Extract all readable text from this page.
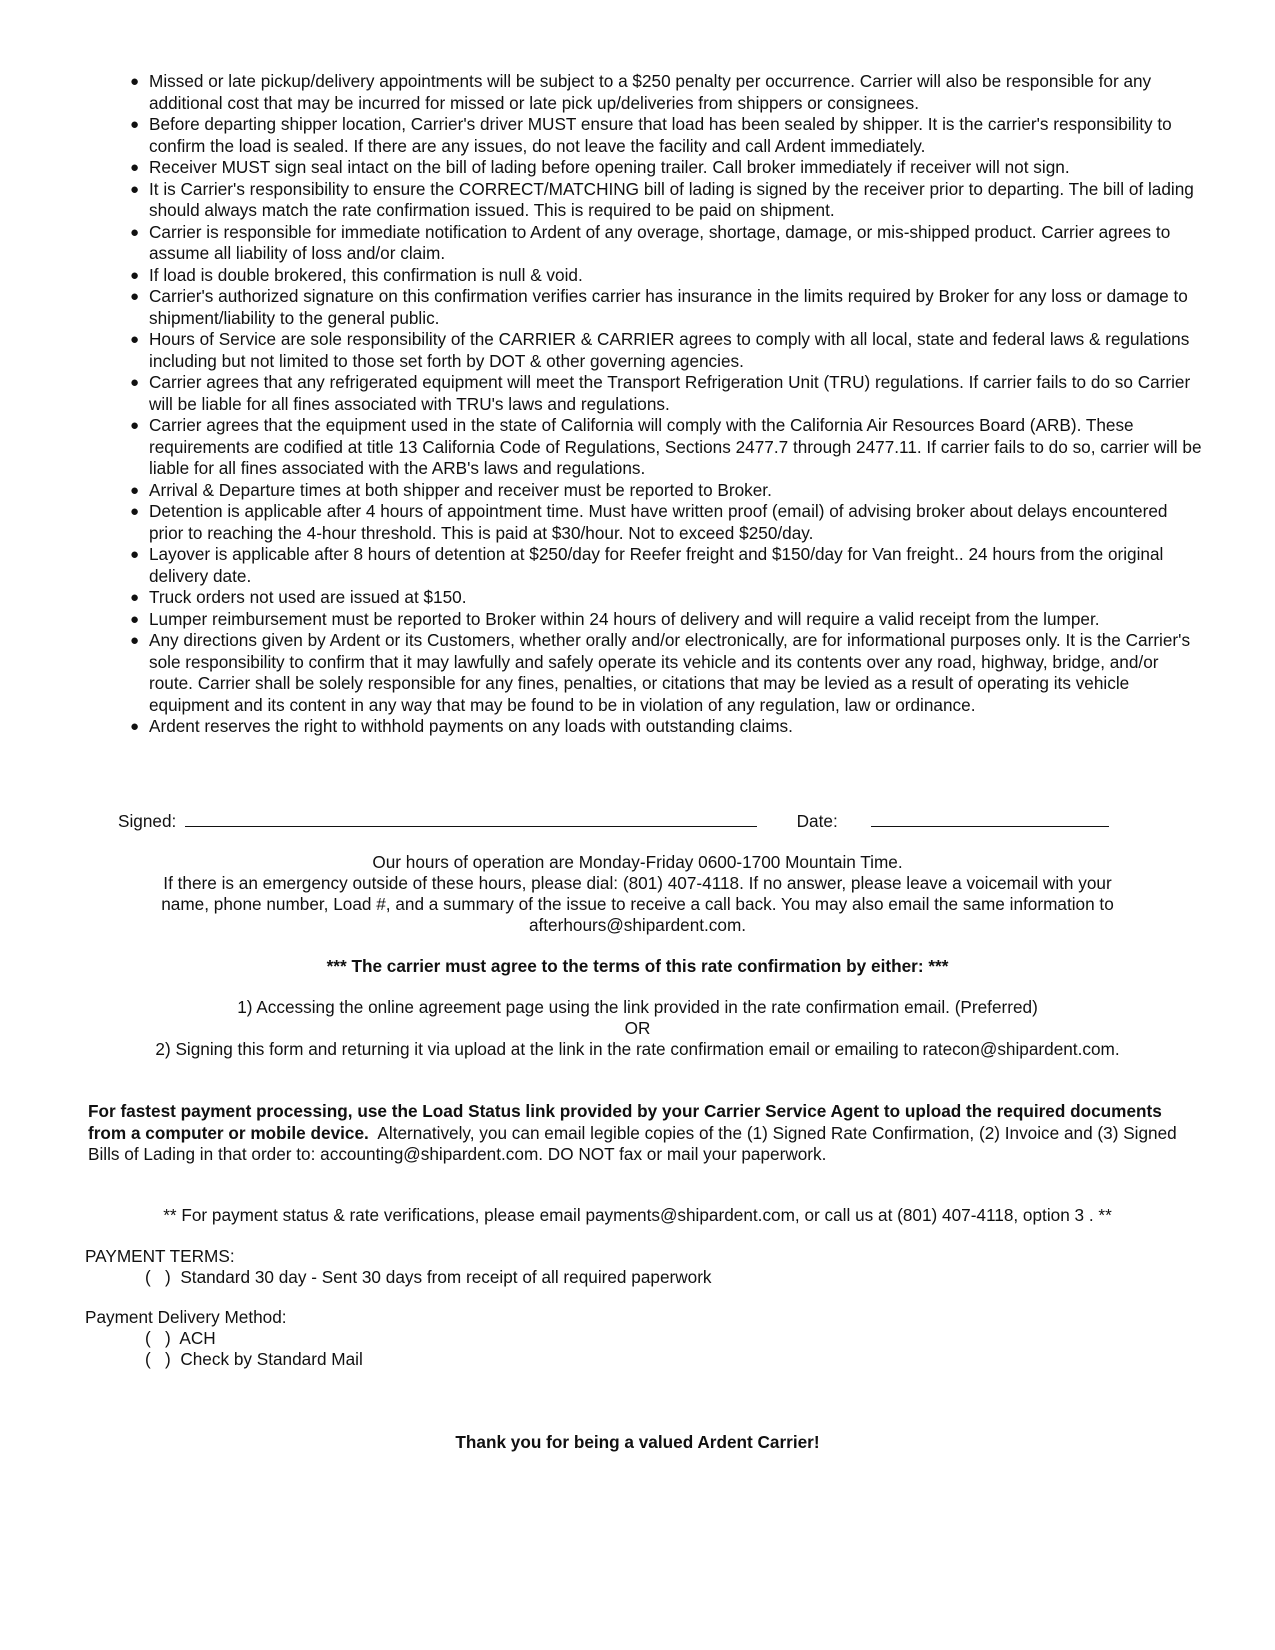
● Missed or late pickup/delivery appointments will be subject to a $250 penalty per occurrence. Carrier will also be responsible for any additional cost that may be incurred for missed or late pick up/deliveries from shippers or consignees.
● Before departing shipper location, Carrier's driver MUST ensure that load has been sealed by shipper. It is the carrier's responsibility to confirm the load is sealed. If there are any issues, do not leave the facility and call Ardent immediately.
● Receiver MUST sign seal intact on the bill of lading before opening trailer. Call broker immediately if receiver will not sign.
● It is Carrier's responsibility to ensure the CORRECT/MATCHING bill of lading is signed by the receiver prior to departing. The bill of lading should always match the rate confirmation issued. This is required to be paid on shipment.
● Carrier is responsible for immediate notification to Ardent of any overage, shortage, damage, or mis-shipped product. Carrier agrees to assume all liability of loss and/or claim.
● If load is double brokered, this confirmation is null & void.
● Carrier's authorized signature on this confirmation verifies carrier has insurance in the limits required by Broker for any loss or damage to shipment/liability to the general public.
● Hours of Service are sole responsibility of the CARRIER & CARRIER agrees to comply with all local, state and federal laws & regulations including but not limited to those set forth by DOT & other governing agencies.
● Carrier agrees that any refrigerated equipment will meet the Transport Refrigeration Unit (TRU) regulations. If carrier fails to do so Carrier will be liable for all fines associated with TRU's laws and regulations.
● Carrier agrees that the equipment used in the state of California will comply with the California Air Resources Board (ARB). These requirements are codified at title 13 California Code of Regulations, Sections 2477.7 through 2477.11. If carrier fails to do so, carrier will be liable for all fines associated with the ARB's laws and regulations.
● Arrival & Departure times at both shipper and receiver must be reported to Broker.
● Detention is applicable after 4 hours of appointment time. Must have written proof (email) of advising broker about delays encountered prior to reaching the 4-hour threshold. This is paid at $30/hour. Not to exceed $250/day.
● Layover is applicable after 8 hours of detention at $250/day for Reefer freight and $150/day for Van freight.. 24 hours from the original delivery date.
● Truck orders not used are issued at $150.
● Lumper reimbursement must be reported to Broker within 24 hours of delivery and will require a valid receipt from the lumper.
● Any directions given by Ardent or its Customers, whether orally and/or electronically, are for informational purposes only. It is the Carrier's sole responsibility to confirm that it may lawfully and safely operate its vehicle and its contents over any road, highway, bridge, and/or route. Carrier shall be solely responsible for any fines, penalties, or citations that may be levied as a result of operating its vehicle equipment and its content in any way that may be found to be in violation of any regulation, law or ordinance.
● Ardent reserves the right to withhold payments on any loads with outstanding claims.
Signed:	Date:
Our hours of operation are Monday-Friday 0600-1700 Mountain Time.
If there is an emergency outside of these hours, please dial: (801) 407-4118. If no answer, please leave a voicemail with your
name, phone number, Load #, and a summary of the issue to receive a call back. You may also email the same information to
afterhours@shipardent.com.
*** The carrier must agree to the terms of this rate confirmation by either: ***
1) Accessing the online agreement page using the link provided in the rate confirmation email. (Preferred)
OR
2) Signing this form and returning it via upload at the link in the rate confirmation email or emailing to ratecon@shipardent.com.
For fastest payment processing, use the Load Status link provided by your Carrier Service Agent to upload the required documents from a computer or mobile device.  Alternatively, you can email legible copies of the (1) Signed Rate Confirmation, (2) Invoice and (3) Signed Bills of Lading in that order to: accounting@shipardent.com. DO NOT fax or mail your paperwork.
** For payment status & rate verifications, please email payments@shipardent.com, or call us at (801) 407-4118, option 3 . **
PAYMENT TERMS:
(   )  Standard 30 day - Sent 30 days from receipt of all required paperwork
Payment Delivery Method:
(   )  ACH
(   )  Check by Standard Mail
Thank you for being a valued Ardent Carrier!
